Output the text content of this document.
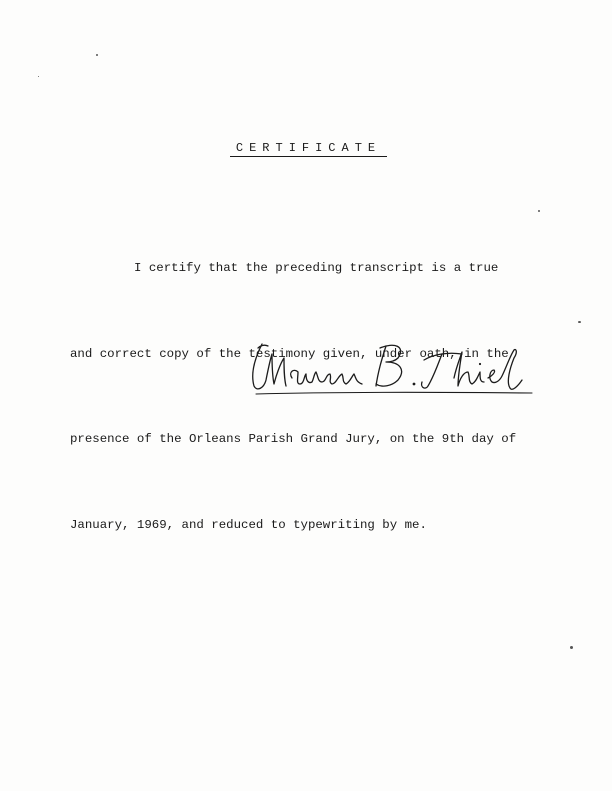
CERTIFICATE

I certify that the preceding transcript is a true

and correct copy of the testimony given, under oath, in the

presence of the Orleans Parish Grand Jury, on the 9th day of

January, 1969, and reduced to typewriting by me.
